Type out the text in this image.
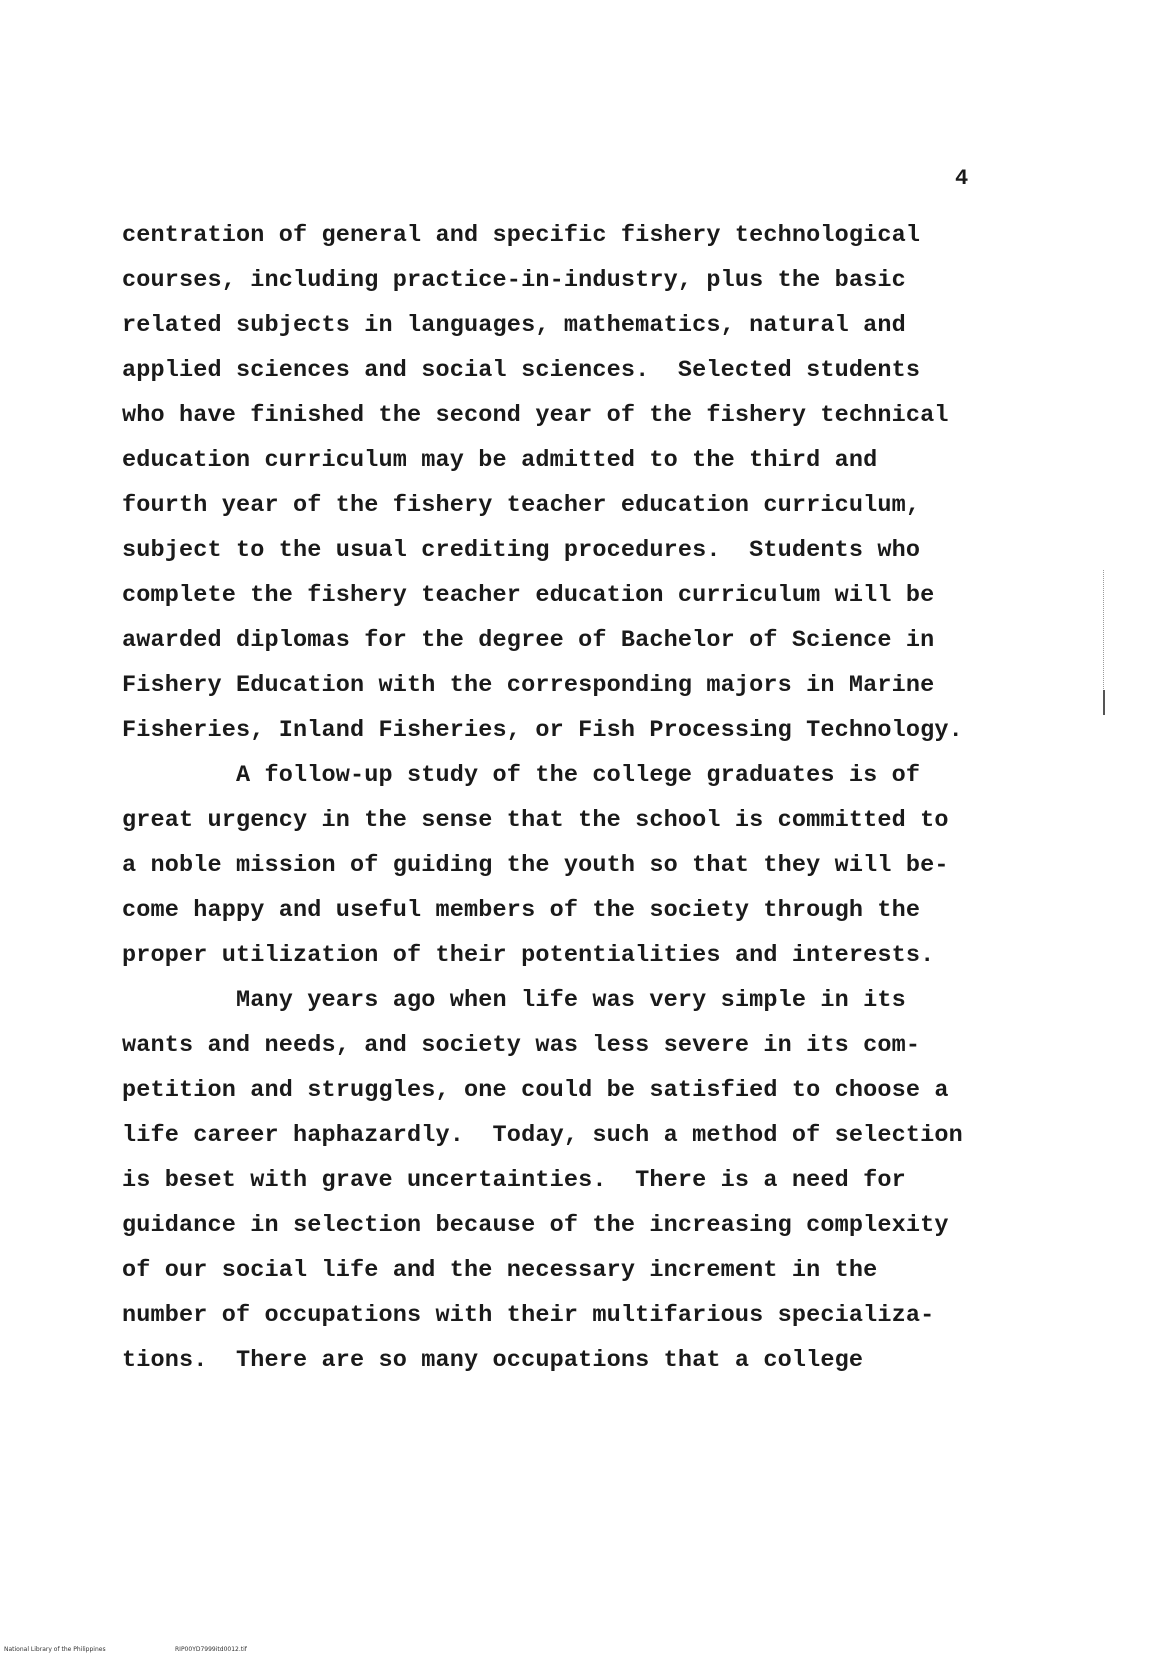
4
centration of general and specific fishery technological
courses, including practice-in-industry, plus the basic
related subjects in languages, mathematics, natural and
applied sciences and social sciences.  Selected students
who have finished the second year of the fishery technical
education curriculum may be admitted to the third and
fourth year of the fishery teacher education curriculum,
subject to the usual crediting procedures.  Students who
complete the fishery teacher education curriculum will be
awarded diplomas for the degree of Bachelor of Science in
Fishery Education with the corresponding majors in Marine
Fisheries, Inland Fisheries, or Fish Processing Technology.
A follow-up study of the college graduates is of
great urgency in the sense that the school is committed to
a noble mission of guiding the youth so that they will be-
come happy and useful members of the society through the
proper utilization of their potentialities and interests.
Many years ago when life was very simple in its
wants and needs, and society was less severe in its com-
petition and struggles, one could be satisfied to choose a
life career haphazardly.  Today, such a method of selection
is beset with grave uncertainties.  There is a need for
guidance in selection because of the increasing complexity
of our social life and the necessary increment in the
number of occupations with their multifarious specializa-
tions.  There are so many occupations that a college
National Library of the Philippines	RIP00YD7999itd0012.tif
